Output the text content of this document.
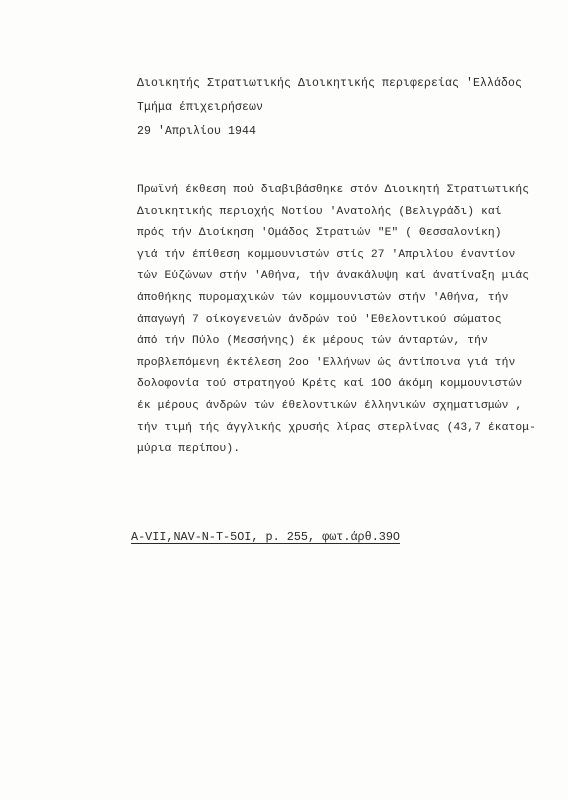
Διοικητής Στρατιωτικής Διοικητικής περιφερείας 'Ελλάδος
Τμήμα έπιχειρήσεων
29 'Απριλίου 1944
Πρωϊνή έκθεση πού διαβιβάσθηκε στόν Διοικητή Στρατιωτικής
Διοικητικής περιοχής Νοτίου 'Ανατολής (Βελιγράδι) καί
πρός τήν Διοίκηση 'Ομάδος Στρατιών "Ε" ( Θεσσαλονίκη)
γιά τήν έπίθεση κομμουνιστών στίς 27 'Απριλίου έναντίον
τών Εύζώνων στήν 'Αθήνα, τήν άνακάλυψη καί άνατίναξη μιάς
άποθήκης πυρομαχικών τών κομμουνιστών στήν 'Αθήνα, τήν
άπαγωγή 7 οίκογενειών άνδρών τού 'Εθελοντικού σώματος
άπό τήν Πύλο (Μεσσήνης) έκ μέρους τών άνταρτών, τήν
προβλεπόμενη έκτέλεση 2οο 'Ελλήνων ώς άντίποινα γιά τήν
δολοφονία τού στρατηγού Κρέτς καί 1ΟΟ άκόμη κομμουνιστών
έκ μέρους άνδρών τών έθελοντικών έλληνικών σχηματισμών ,
τήν τιμή τής άγγλικής χρυσής λίρας στερλίνας (43,7 έκατομ-
μύρια περίπου).
A-VII,NAV-N-T-5OI, p. 255, φωτ.άρθ.39Ο
